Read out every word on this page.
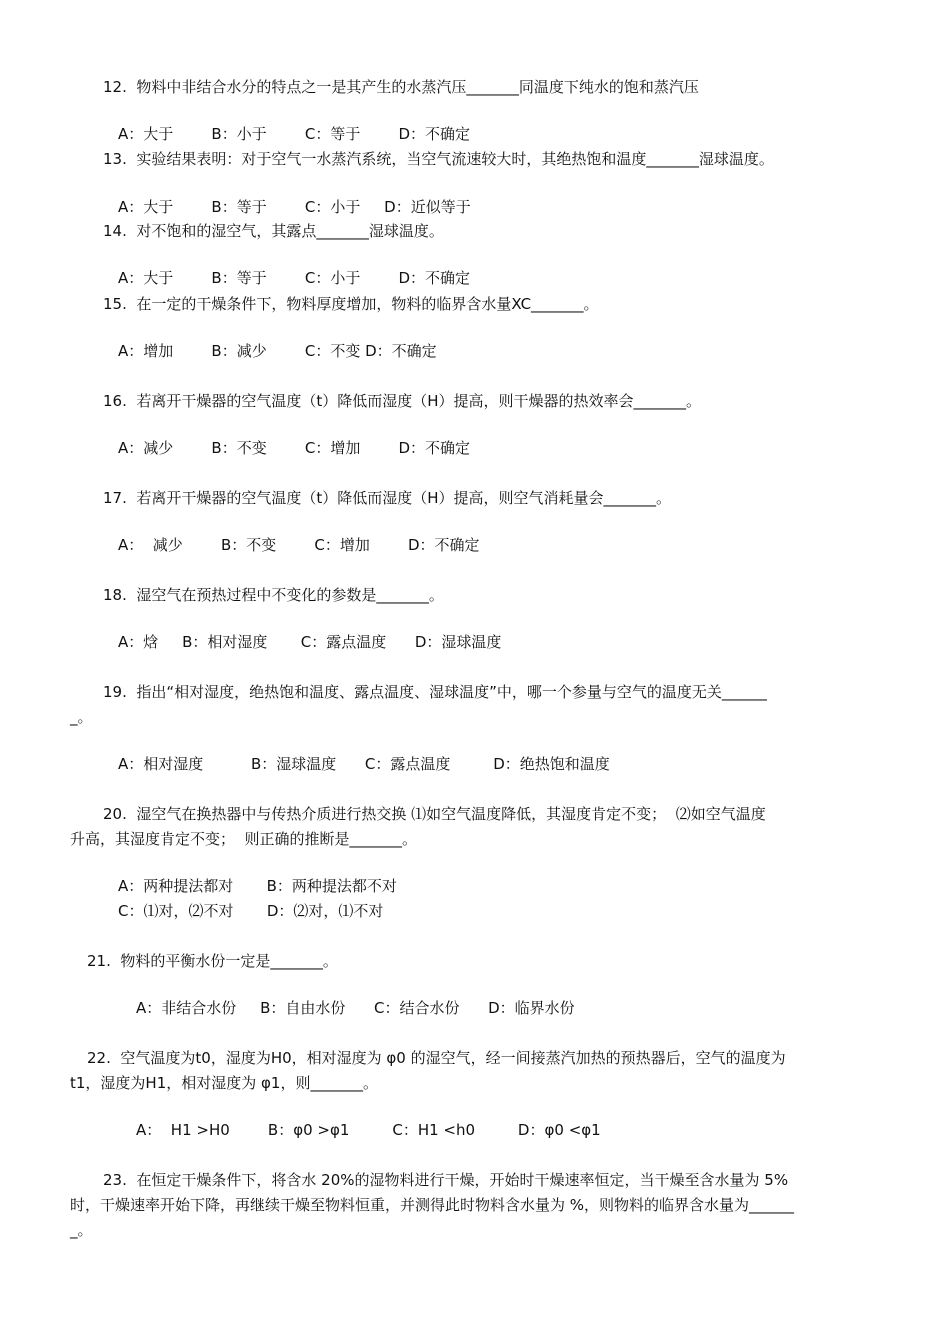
12.  物料中非结合水分的特点之一是其产生的水蒸汽压_______同温度下纯水的饱和蒸汽压
A：大于        B：小于        C：等于        D：不确定
13.  实验结果表明：对于空气一水蒸汽系统，当空气流速较大时，其绝热饱和温度_______湿球温度。
A：大于        B：等于        C：小于     D：近似等于
14.  对不饱和的湿空气，其露点_______湿球温度。
A：大于        B：等于        C：小于        D：不确定
15.  在一定的干燥条件下，物料厚度增加，物料的临界含水量XC_______。
A：增加        B：减少        C：不变 D：不确定
16.  若离开干燥器的空气温度（t）降低而湿度（H）提高，则干燥器的热效率会_______。
A：减少        B：不变        C：增加        D：不确定
17.  若离开干燥器的空气温度（t）降低而湿度（H）提高，则空气消耗量会_______。
A：  减少        B：不变        C：增加        D：不确定
18.  湿空气在预热过程中不变化的参数是_______。
A：焓     B：相对湿度       C：露点温度      D：湿球温度
19.  指出“相对湿度，绝热饱和温度、露点温度、湿球温度”中，哪一个参量与空气的温度无关______
_。
A：相对湿度          B：湿球温度      C：露点温度         D：绝热饱和温度
20.  湿空气在换热器中与传热介质进行热交换 ⑴如空气温度降低，其湿度肯定不变；  ⑵如空气温度
升高，其湿度肯定不变；  则正确的推断是_______。
A：两种提法都对       B：两种提法都不对
C：⑴对，⑵不对       D：⑵对，⑴不对
21.  物料的平衡水份一定是_______。
A：非结合水份     B：自由水份      C：结合水份      D：临界水份
22.  空气温度为t0，湿度为H0，相对湿度为 φ0 的湿空气，经一间接蒸汽加热的预热器后，空气的温度为
t1，湿度为H1，相对湿度为 φ1，则_______。
A：  H1 >H0        B：φ0 >φ1         C：H1 <h0         D：φ0 <φ1
23.  在恒定干燥条件下，将含水 20%的湿物料进行干燥，开始时干燥速率恒定，当干燥至含水量为 5%
时，干燥速率开始下降，再继续干燥至物料恒重，并测得此时物料含水量为 %，则物料的临界含水量为______
_。
